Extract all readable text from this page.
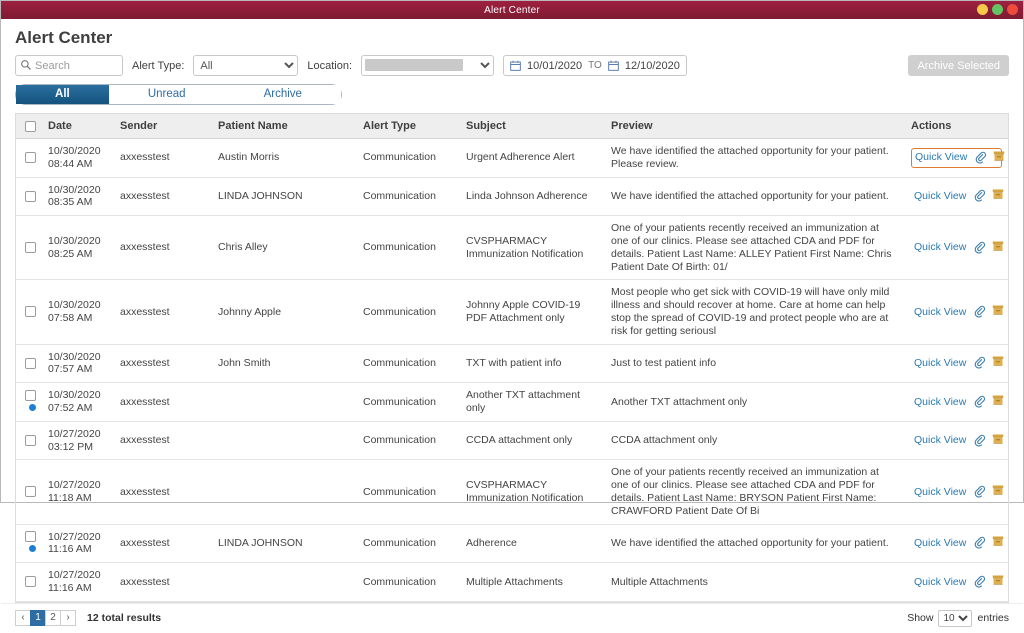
Alert Center
Alert Center
Search
Alert Type:
All	Location:	10/01/2020 TO 12/10/2020	Archive Selected
All	Unread	Archive
	Date	Sender	Patient Name	Alert Type	Subject	Preview	Actions

	10/30/2020
08:44 AM	axxesstest	Austin Morris	Communication	Urgent Adherence Alert	We have identified the attached opportunity for your patient. Please review.	Quick View

	10/30/2020
08:35 AM	axxesstest	LINDA JOHNSON	Communication	Linda Johnson Adherence	We have identified the attached opportunity for your patient.	Quick View

	10/30/2020
08:25 AM	axxesstest	Chris Alley	Communication	CVSPHARMACY Immunization Notification	One of your patients recently received an immunization at one of our clinics. Please see attached CDA and PDF for details. Patient Last Name: ALLEY Patient First Name: Chris Patient Date Of Birth: 01/	Quick View

	10/30/2020
07:58 AM	axxesstest	Johnny Apple	Communication	Johnny Apple COVID-19 PDF Attachment only	Most people who get sick with COVID-19 will have only mild illness and should recover at home. Care at home can help stop the spread of COVID-19 and protect people who are at risk for getting seriousl	Quick View

	10/30/2020
07:57 AM	axxesstest	John Smith	Communication	TXT with patient info	Just to test patient info	Quick View

	10/30/2020
07:52 AM	axxesstest		Communication	Another TXT attachment only	Another TXT attachment only	Quick View

	10/27/2020
03:12 PM	axxesstest		Communication	CCDA attachment only	CCDA attachment only	Quick View

	10/27/2020
11:18 AM	axxesstest		Communication	CVSPHARMACY Immunization Notification	One of your patients recently received an immunization at one of our clinics. Please see attached CDA and PDF for details. Patient Last Name: BRYSON Patient First Name: CRAWFORD Patient Date Of Bi	Quick View

	10/27/2020
11:16 AM	axxesstest	LINDA JOHNSON	Communication	Adherence	We have identified the attached opportunity for your patient.	Quick View

	10/27/2020
11:16 AM	axxesstest		Communication	Multiple Attachments	Multiple Attachments	Quick View
‹	1 2	›	12 total results	Show
10	entries
